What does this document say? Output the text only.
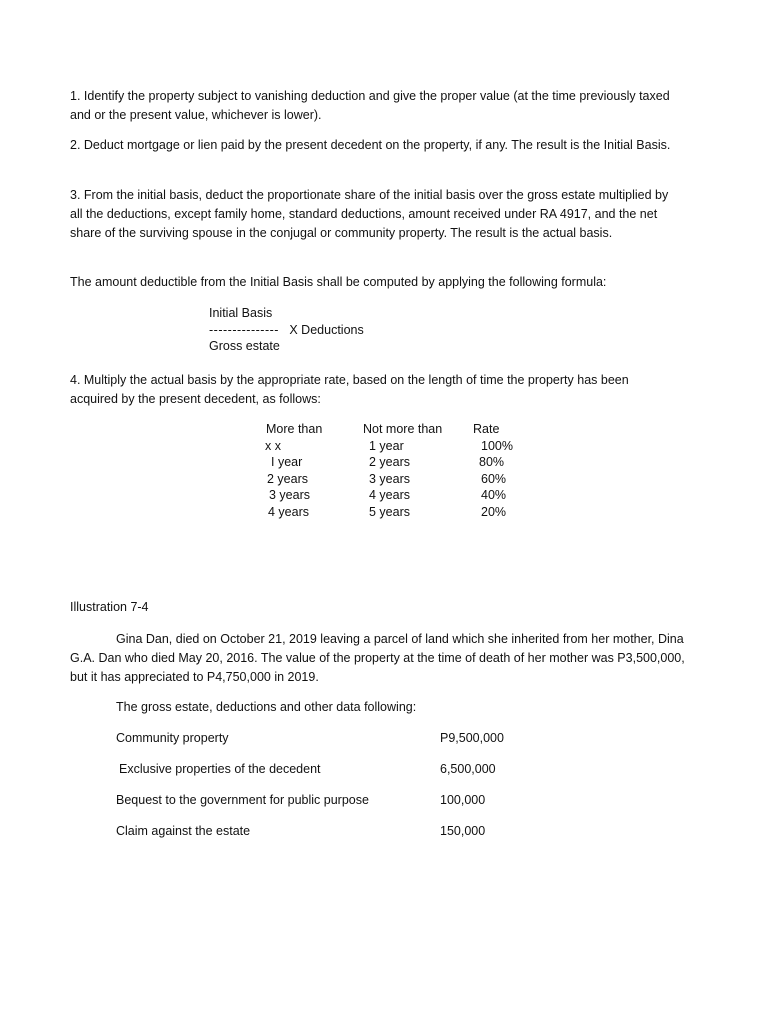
1. Identify the property subject to vanishing deduction and give the proper value (at the time previously taxed and or the present value, whichever is lower).

2. Deduct mortgage or lien paid by the present decedent on the property, if any. The result is the Initial Basis.

3. From the initial basis, deduct the proportionate share of the initial basis over the gross estate multiplied by all the deductions, except family home, standard deductions, amount received under RA 4917, and the net share of the surviving spouse in the conjugal or community property. The result is the actual basis.

The amount deductible from the Initial Basis shall be computed by applying the following formula:

Initial Basis
--------------- X Deductions
Gross estate

4. Multiply the actual basis by the appropriate rate, based on the length of time the property has been acquired by the present decedent, as follows:

More than	Not more than	Rate
x x	1 year	100%
I year	2 years	80%
2 years	3 years	60%
3 years	4 years	40%
4 years	5 years	20%
Illustration 7-4

Gina Dan, died on October 21, 2019 leaving a parcel of land which she inherited from her mother, Dina G.A. Dan who died May 20, 2016. The value of the property at the time of death of her mother was P3,500,000, but it has appreciated to P4,750,000 in 2019.

The gross estate, deductions and other data following:
Community property	P9,500,000
Exclusive properties of the decedent	6,500,000
Bequest to the government for public purpose	100,000
Claim against the estate	150,000
